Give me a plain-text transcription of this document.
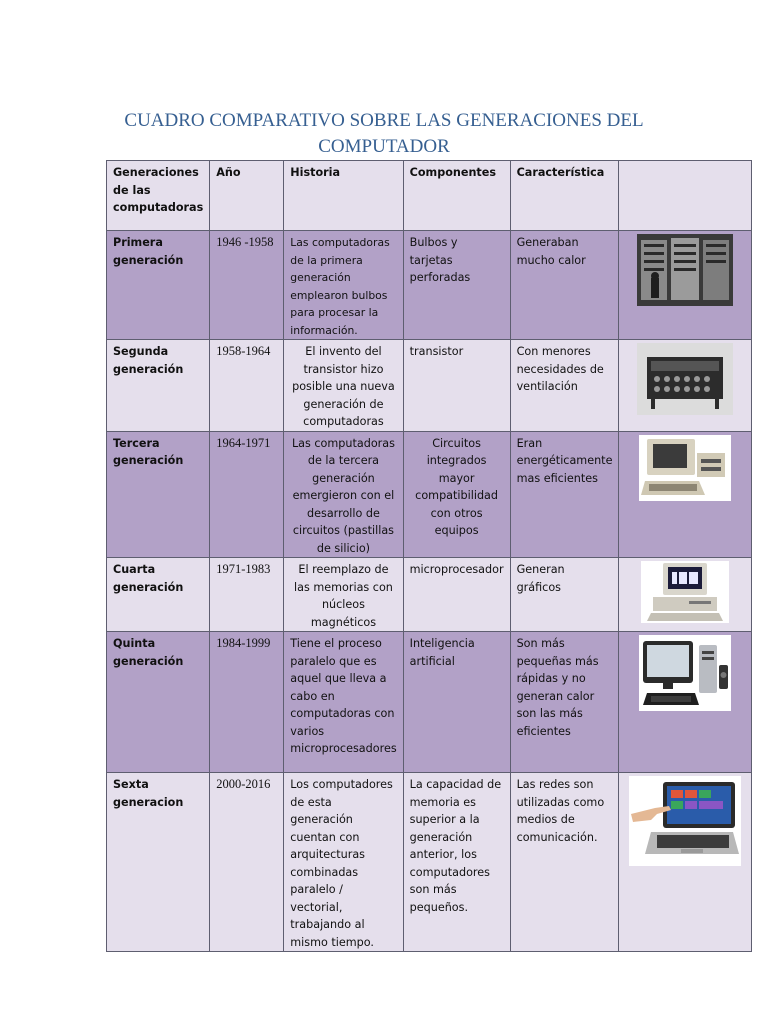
CUADRO COMPARATIVO SOBRE LAS GENERACIONES DEL COMPUTADOR
Generaciones de las computadoras	Año	Historia	Componentes	Característica	
Primera generación	1946 -1958	Las computadoras de la primera generación emplearon bulbos para procesar la información.	Bulbos y tarjetas perforadas	Generaban mucho calor	

Segunda generación	1958-1964	El invento del transistor hizo posible una nueva generación de computadoras	transistor	Con menores necesidades de ventilación	

Tercera generación	1964-1971	Las computadoras de la tercera generación emergieron con el desarrollo de circuitos (pastillas de silicio)	Circuitos integrados mayor compatibilidad con otros equipos	Eran energéticamente mas eficientes	

Cuarta generación	1971-1983	El reemplazo de las memorias con núcleos magnéticos	microprocesador	Generan gráficos	

Quinta generación	1984-1999	Tiene el proceso paralelo que es aquel que lleva a cabo en computadoras con varios microprocesadores	Inteligencia artificial	Son más pequeñas más rápidas y no generan calor son las más eficientes	

Sexta generacion	2000-2016	Los computadores de esta generación cuentan con arquitecturas combinadas paralelo / vectorial, trabajando al mismo tiempo.	La capacidad de memoria es superior a la generación anterior, los computadores son más pequeños.	Las redes son utilizadas como medios de comunicación.	
